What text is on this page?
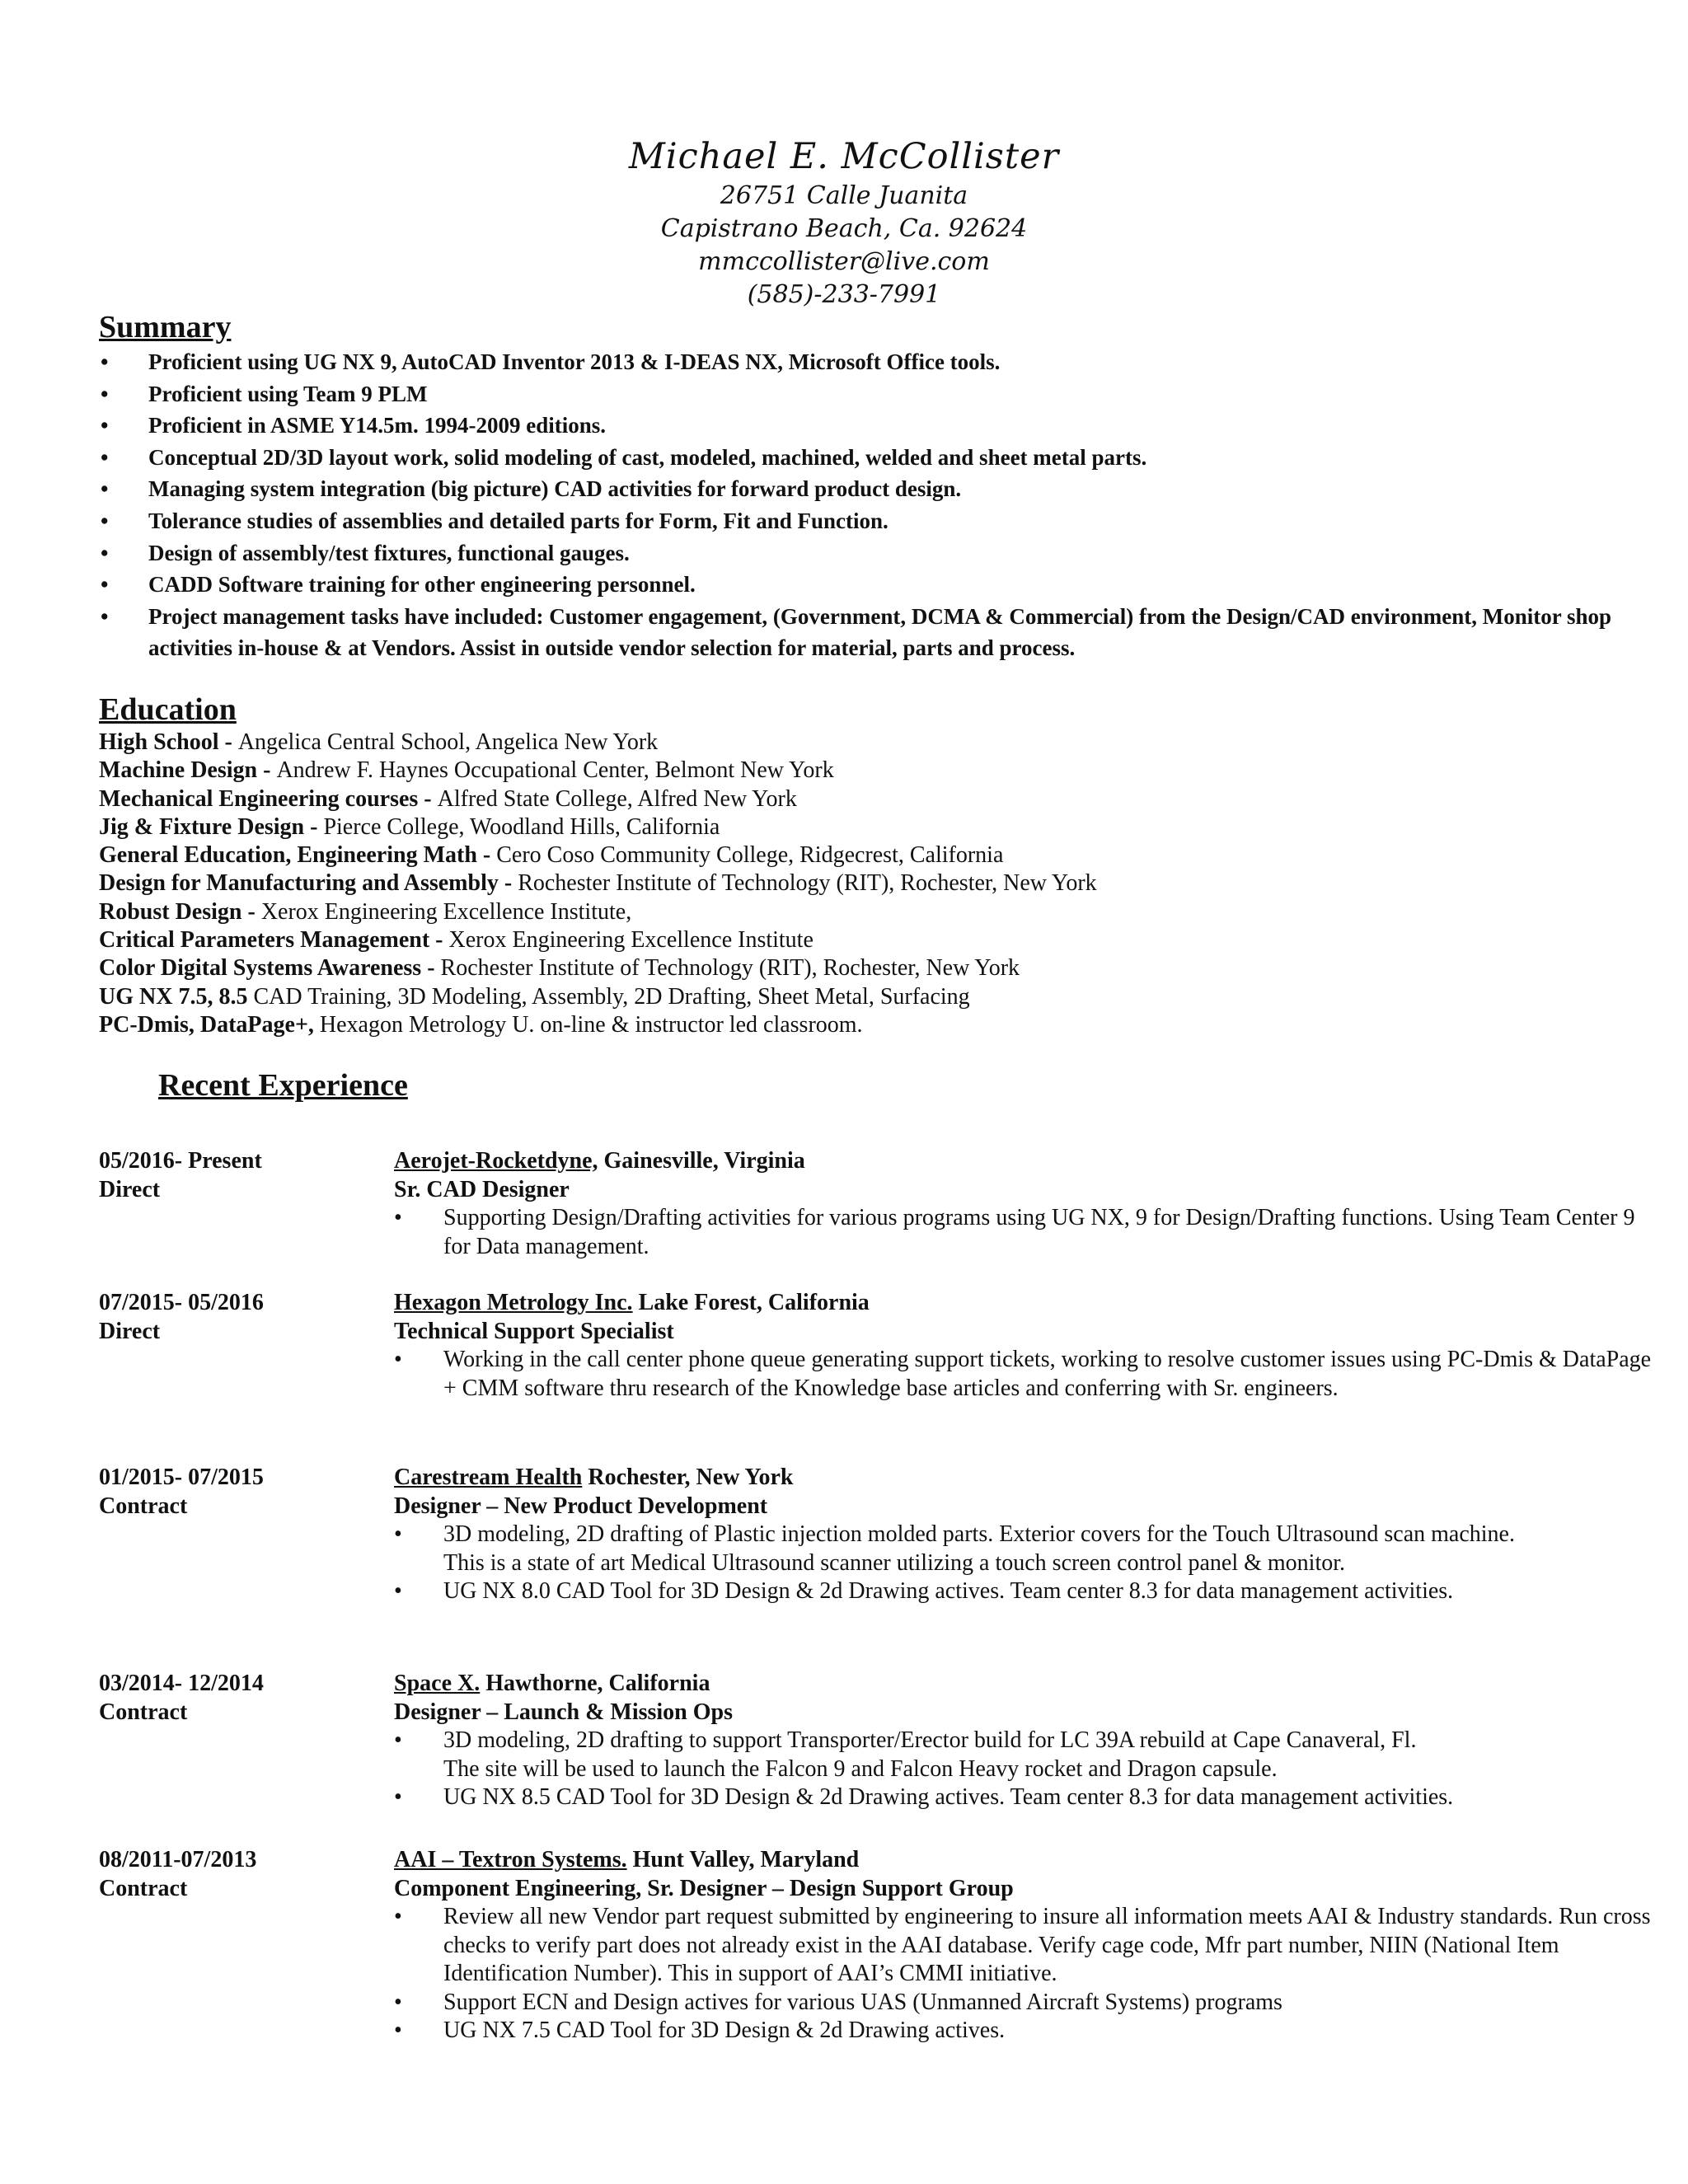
Michael E. McCollister
26751 Calle Juanita
Capistrano Beach, Ca. 92624
mmccollister@live.com
(585)-233-7991
Summary
• Proficient using UG NX 9, AutoCAD Inventor 2013 & I-DEAS NX, Microsoft Office tools.
• Proficient using Team 9 PLM
• Proficient in ASME Y14.5m. 1994-2009 editions.
• Conceptual 2D/3D layout work, solid modeling of cast, modeled, machined, welded and sheet metal parts.
• Managing system integration (big picture) CAD activities for forward product design.
• Tolerance studies of assemblies and detailed parts for Form, Fit and Function.
• Design of assembly/test fixtures, functional gauges.
• CADD Software training for other engineering personnel.
• Project management tasks have included: Customer engagement, (Government, DCMA & Commercial) from the Design/CAD environment, Monitor shop activities in-house & at Vendors. Assist in outside vendor selection for material, parts and process.
Education
High School - Angelica Central School, Angelica New York
Machine Design - Andrew F. Haynes Occupational Center, Belmont New York
Mechanical Engineering courses - Alfred State College, Alfred New York
Jig & Fixture Design - Pierce College, Woodland Hills, California
General Education, Engineering Math - Cero Coso Community College, Ridgecrest, California
Design for Manufacturing and Assembly - Rochester Institute of Technology (RIT), Rochester, New York
Robust Design - Xerox Engineering Excellence Institute,
Critical Parameters Management - Xerox Engineering Excellence Institute
Color Digital Systems Awareness - Rochester Institute of Technology (RIT), Rochester, New York
UG NX 7.5, 8.5 CAD Training, 3D Modeling, Assembly, 2D Drafting, Sheet Metal, Surfacing
PC-Dmis, DataPage+, Hexagon Metrology U. on-line & instructor led classroom.
Recent Experience
05/2016- Present
Direct
Aerojet-Rocketdyne, Gainesville, Virginia
Sr. CAD Designer
• Supporting Design/Drafting activities for various programs using UG NX, 9 for Design/Drafting functions. Using Team Center 9 for Data management.
07/2015- 05/2016
Direct
Hexagon Metrology Inc. Lake Forest, California
Technical Support Specialist
• Working in the call center phone queue generating support tickets, working to resolve customer issues using PC-Dmis & DataPage + CMM software thru research of the Knowledge base articles and conferring with Sr. engineers.
01/2015- 07/2015
Contract
Carestream Health Rochester, New York
Designer – New Product Development
• 3D modeling, 2D drafting of Plastic injection molded parts. Exterior covers for the Touch Ultrasound scan machine.
This is a state of art Medical Ultrasound scanner utilizing a touch screen control panel & monitor.
• UG NX 8.0 CAD Tool for 3D Design & 2d Drawing actives. Team center 8.3 for data management activities.
03/2014- 12/2014
Contract
Space X. Hawthorne, California
Designer – Launch & Mission Ops
• 3D modeling, 2D drafting to support Transporter/Erector build for LC 39A rebuild at Cape Canaveral, Fl.
The site will be used to launch the Falcon 9 and Falcon Heavy rocket and Dragon capsule.
• UG NX 8.5 CAD Tool for 3D Design & 2d Drawing actives. Team center 8.3 for data management activities.
08/2011-07/2013
Contract
AAI – Textron Systems. Hunt Valley, Maryland
Component Engineering, Sr. Designer – Design Support Group
• Review all new Vendor part request submitted by engineering to insure all information meets AAI & Industry standards. Run cross checks to verify part does not already exist in the AAI database. Verify cage code, Mfr part number, NIIN (National Item Identification Number). This in support of AAI’s CMMI initiative.
• Support ECN and Design actives for various UAS (Unmanned Aircraft Systems) programs
• UG NX 7.5 CAD Tool for 3D Design & 2d Drawing actives.
